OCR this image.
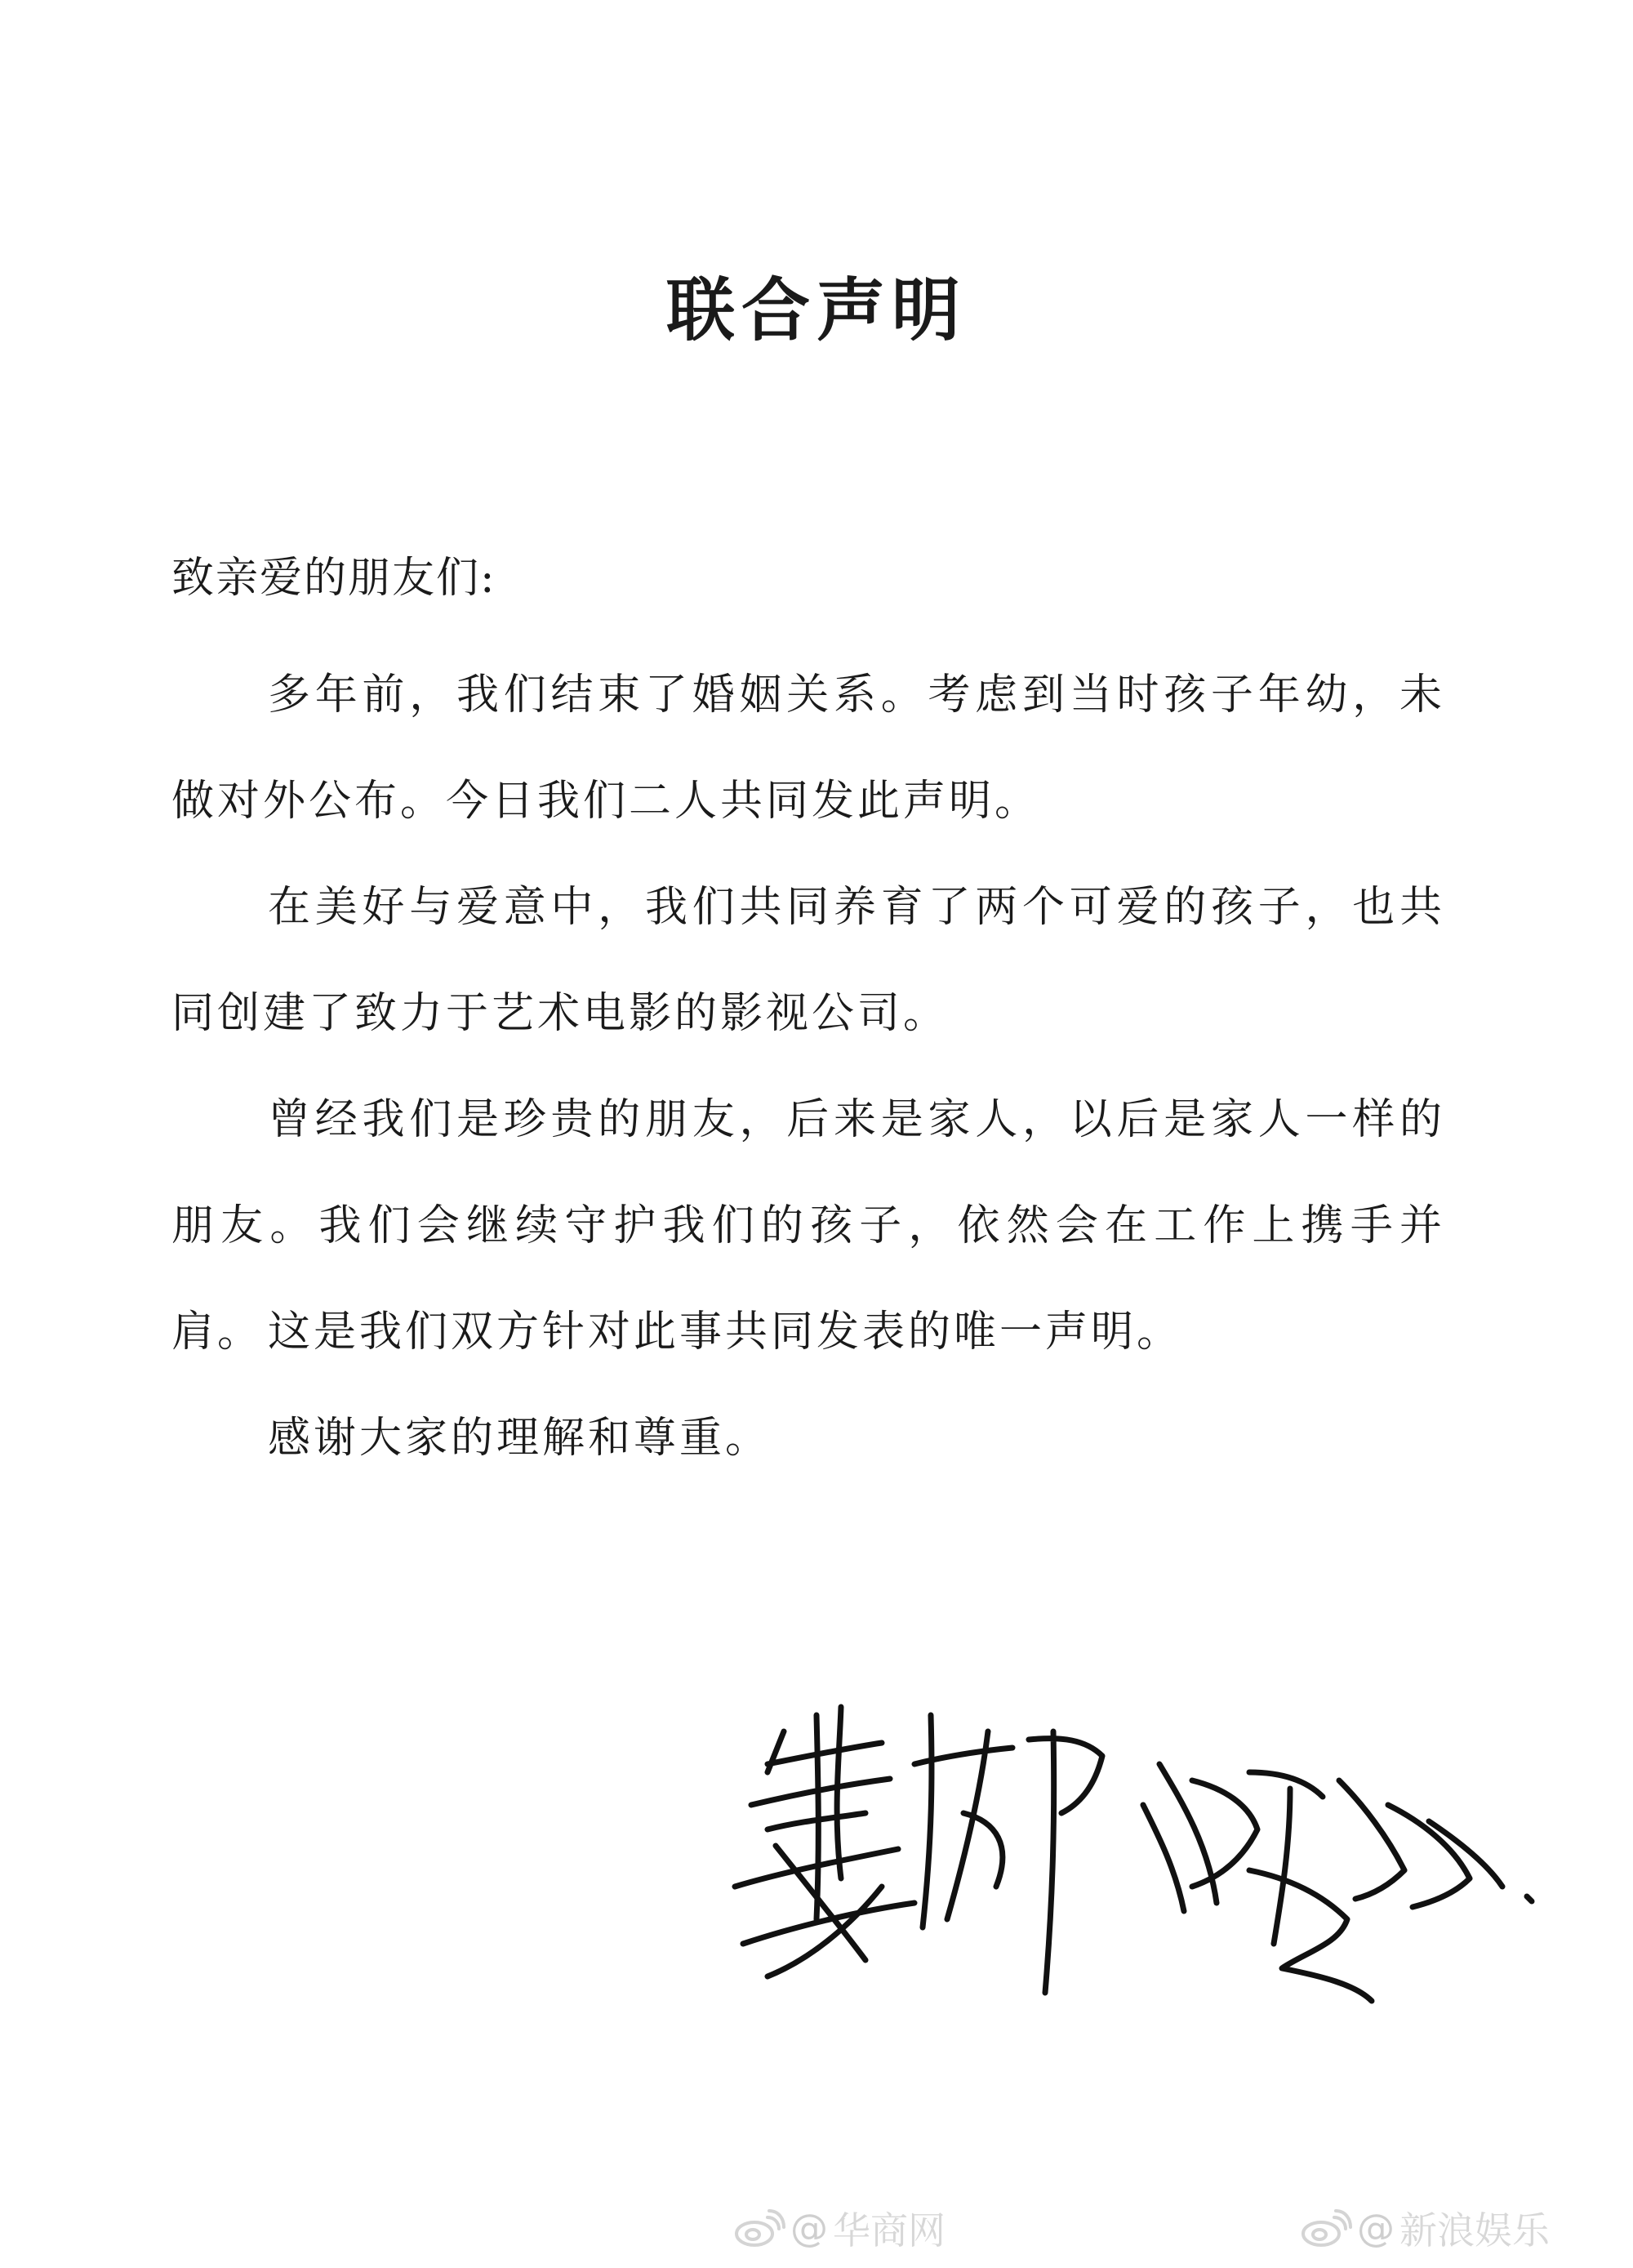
联合声明
致亲爱的朋友们:

多年前，我们结束了婚姻关系。考虑到当时孩子年幼，未做对外公布。今日我们二人共同发此声明。

在美好与爱意中，我们共同养育了两个可爱的孩子，也共同创建了致力于艺术电影的影视公司。

曾经我们是珍贵的朋友，后来是家人，以后是家人一样的朋友。我们会继续守护我们的孩子，依然会在工作上携手并肩。 这是我们双方针对此事共同发表的唯一声明。

感谢大家的理解和尊重。

@ 华商网	@ 新浪娱乐
